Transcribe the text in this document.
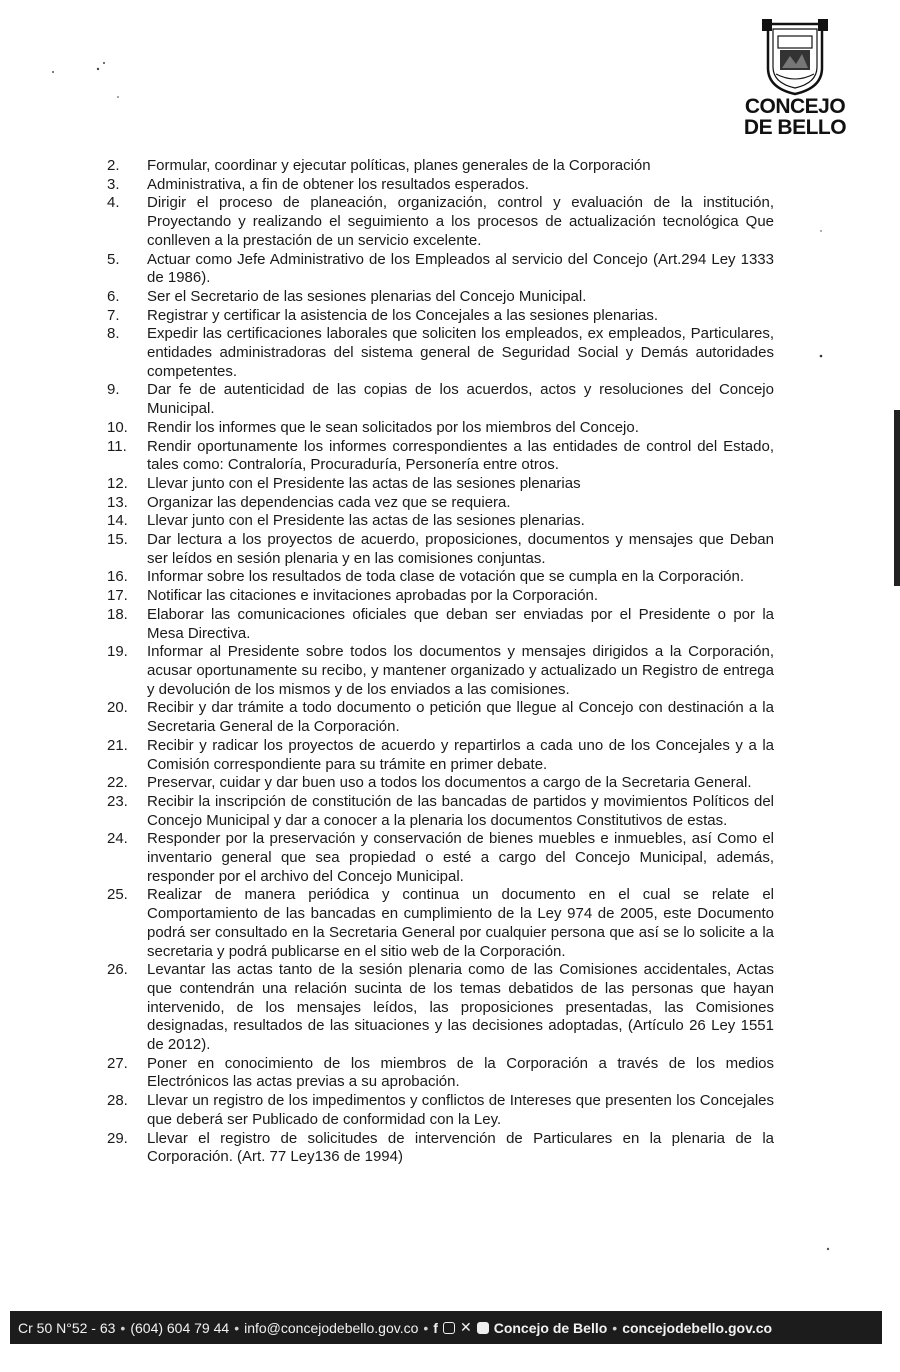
CONCEJO
DE BELLO
2.	Formular, coordinar y ejecutar políticas, planes generales de la Corporación
3.	Administrativa, a fin de obtener los resultados esperados.
4.	Dirigir el proceso de planeación, organización, control y evaluación de la institución, Proyectando y realizando el seguimiento a los procesos de actualización tecnológica Que conlleven a la prestación de un servicio excelente.
5.	Actuar como Jefe Administrativo de los Empleados al servicio del Concejo (Art.294 Ley 1333 de 1986).
6.	Ser el Secretario de las sesiones plenarias del Concejo Municipal.
7.	Registrar y certificar la asistencia de los Concejales a las sesiones plenarias.
8.	Expedir las certificaciones laborales que soliciten los empleados, ex empleados, Particulares, entidades administradoras del sistema general de Seguridad Social y Demás autoridades competentes.
9.	Dar fe de autenticidad de las copias de los acuerdos, actos y resoluciones del Concejo Municipal.
10.	Rendir los informes que le sean solicitados por los miembros del Concejo.
11.	Rendir oportunamente los informes correspondientes a las entidades de control del Estado, tales como: Contraloría, Procuraduría, Personería entre otros.
12.	Llevar junto con el Presidente las actas de las sesiones plenarias
13.	Organizar las dependencias cada vez que se requiera.
14.	Llevar junto con el Presidente las actas de las sesiones plenarias.
15.	Dar lectura a los proyectos de acuerdo, proposiciones, documentos y mensajes que Deban ser leídos en sesión plenaria y en las comisiones conjuntas.
16.	Informar sobre los resultados de toda clase de votación que se cumpla en la Corporación.
17.	Notificar las citaciones e invitaciones aprobadas por la Corporación.
18.	Elaborar las comunicaciones oficiales que deban ser enviadas por el Presidente o por la Mesa Directiva.
19.	Informar al Presidente sobre todos los documentos y mensajes dirigidos a la Corporación, acusar oportunamente su recibo, y mantener organizado y actualizado un Registro de entrega y devolución de los mismos y de los enviados a las comisiones.
20.	Recibir y dar trámite a todo documento o petición que llegue al Concejo con destinación a la Secretaria General de la Corporación.
21.	Recibir y radicar los proyectos de acuerdo y repartirlos a cada uno de los Concejales y a la Comisión correspondiente para su trámite en primer debate.
22.	Preservar, cuidar y dar buen uso a todos los documentos a cargo de la Secretaria General.
23.	Recibir la inscripción de constitución de las bancadas de partidos y movimientos Políticos del Concejo Municipal y dar a conocer a la plenaria los documentos Constitutivos de estas.
24.	Responder por la preservación y conservación de bienes muebles e inmuebles, así Como el inventario general que sea propiedad o esté a cargo del Concejo Municipal, además, responder por el archivo del Concejo Municipal.
25.	Realizar de manera periódica y continua un documento en el cual se relate el Comportamiento de las bancadas en cumplimiento de la Ley 974 de 2005, este Documento podrá ser consultado en la Secretaria General por cualquier persona que así se lo solicite a la secretaria y podrá publicarse en el sitio web de la Corporación.
26.	Levantar las actas tanto de la sesión plenaria como de las Comisiones accidentales, Actas que contendrán una relación sucinta de los temas debatidos de las personas que hayan intervenido, de los mensajes leídos, las proposiciones presentadas, las Comisiones designadas, resultados de las situaciones y las decisiones adoptadas, (Artículo 26 Ley 1551 de 2012).
27.	Poner en conocimiento de los miembros de la Corporación a través de los medios Electrónicos las actas previas a su aprobación.
28.	Llevar un registro de los impedimentos y conflictos de Intereses que presenten los Concejales que deberá ser Publicado de conformidad con la Ley.
29.	Llevar el registro de solicitudes de intervención de Particulares en la plenaria de la Corporación. (Art. 77 Ley136 de 1994)
Cr 50 N°52 - 63 • (604) 604 79 44 • info@concejodebello.gov.co • f ✕ Concejo de Bello • concejodebello.gov.co
